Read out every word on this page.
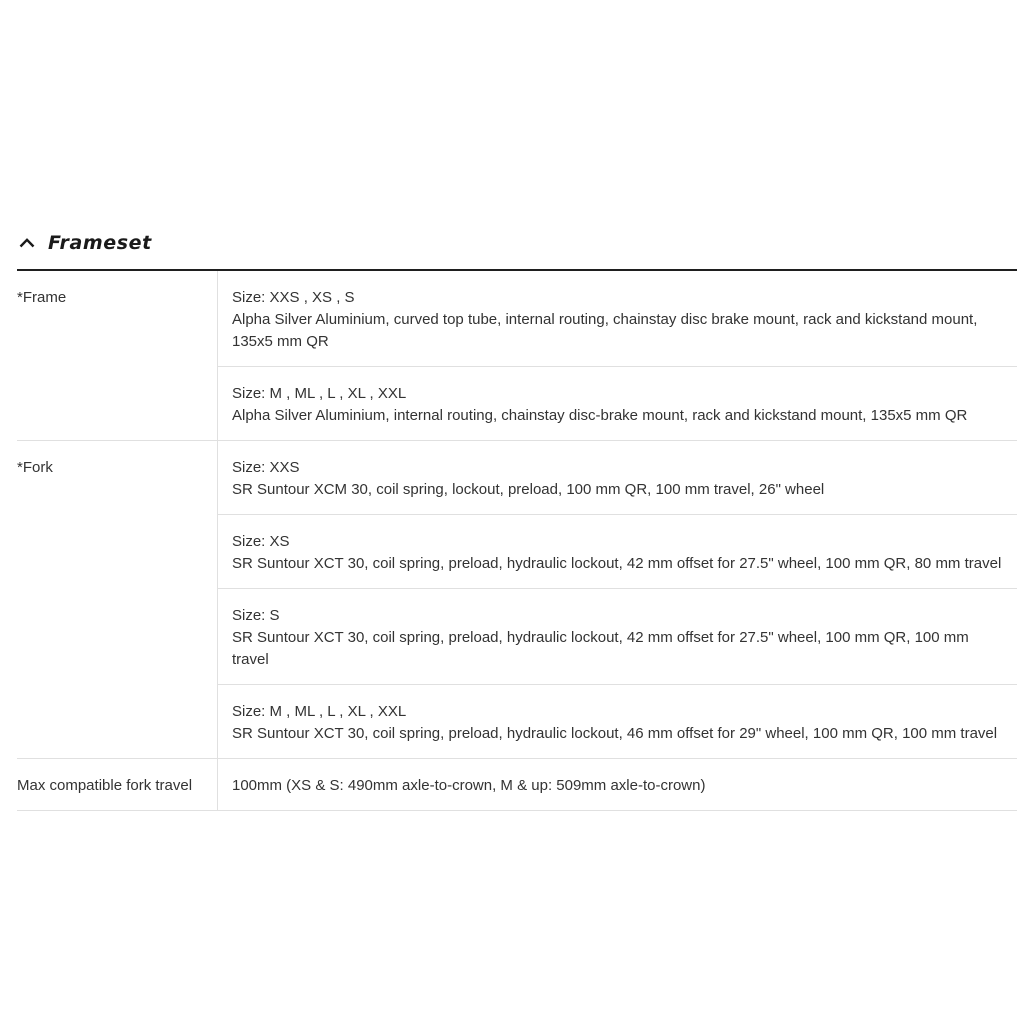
Frameset
*Frame	Size: XXS , XS , S
Alpha Silver Aluminium, curved top tube, internal routing, chainstay disc brake mount, rack and kickstand mount, 135x5 mm QR
Size: M , ML , L , XL , XXL
Alpha Silver Aluminium, internal routing, chainstay disc-brake mount, rack and kickstand mount, 135x5 mm QR
*Fork	Size: XXS
SR Suntour XCM 30, coil spring, lockout, preload, 100 mm QR, 100 mm travel, 26" wheel
Size: XS
SR Suntour XCT 30, coil spring, preload, hydraulic lockout, 42 mm offset for 27.5" wheel, 100 mm QR, 80 mm travel
Size: S
SR Suntour XCT 30, coil spring, preload, hydraulic lockout, 42 mm offset for 27.5" wheel, 100 mm QR, 100 mm travel
Size: M , ML , L , XL , XXL
SR Suntour XCT 30, coil spring, preload, hydraulic lockout, 46 mm offset for 29" wheel, 100 mm QR, 100 mm travel
Max compatible fork travel	100mm (XS & S: 490mm axle-to-crown, M & up: 509mm axle-to-crown)
